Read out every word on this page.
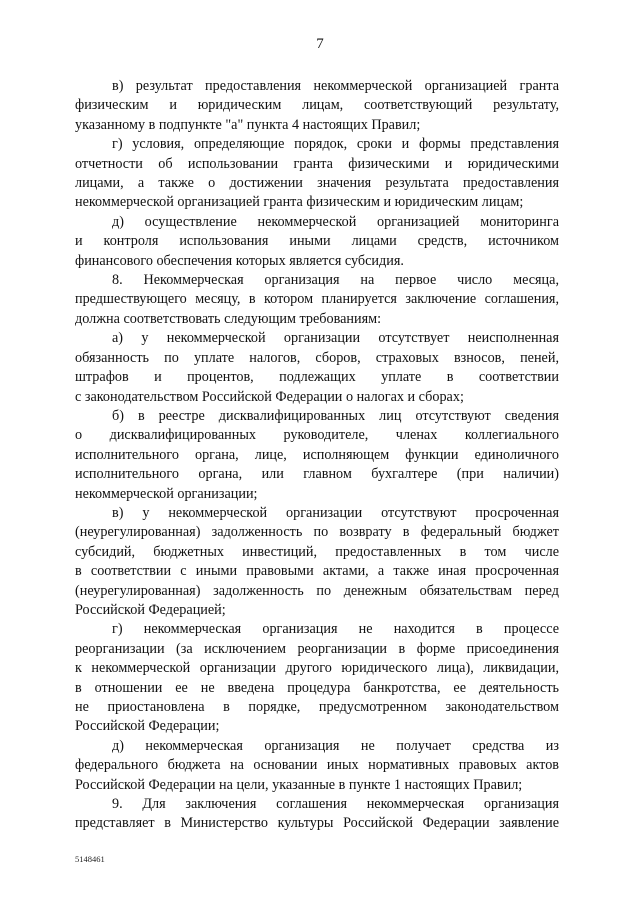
7

в) результат предоставления некоммерческой организацией гранта
физическим и юридическим лицам, соответствующий результату,
указанному в подпункте "а" пункта 4 настоящих Правил;

г) условия, определяющие порядок, сроки и формы представления
отчетности об использовании гранта физическими и юридическими
лицами, а также о достижении значения результата предоставления
некоммерческой организацией гранта физическим и юридическим лицам;

д) осуществление некоммерческой организацией мониторинга
и контроля использования иными лицами средств, источником
финансового обеспечения которых является субсидия.

8. Некоммерческая организация на первое число месяца,
предшествующего месяцу, в котором планируется заключение соглашения,
должна соответствовать следующим требованиям:

а) у некоммерческой организации отсутствует неисполненная
обязанность по уплате налогов, сборов, страховых взносов, пеней,
штрафов и процентов, подлежащих уплате в соответствии
с законодательством Российской Федерации о налогах и сборах;

б) в реестре дисквалифицированных лиц отсутствуют сведения
о дисквалифицированных руководителе, членах коллегиального
исполнительного органа, лице, исполняющем функции единоличного
исполнительного органа, или главном бухгалтере (при наличии)
некоммерческой организации;

в) у некоммерческой организации отсутствуют просроченная
(неурегулированная) задолженность по возврату в федеральный бюджет
субсидий, бюджетных инвестиций, предоставленных в том числе
в соответствии с иными правовыми актами, а также иная просроченная
(неурегулированная) задолженность по денежным обязательствам перед
Российской Федерацией;

г) некоммерческая организация не находится в процессе
реорганизации (за исключением реорганизации в форме присоединения
к некоммерческой организации другого юридического лица), ликвидации,
в отношении ее не введена процедура банкротства, ее деятельность
не приостановлена в порядке, предусмотренном законодательством
Российской Федерации;

д) некоммерческая организация не получает средства из
федерального бюджета на основании иных нормативных правовых актов
Российской Федерации на цели, указанные в пункте 1 настоящих Правил;

9. Для заключения соглашения некоммерческая организация
представляет в Министерство культуры Российской Федерации заявление

5148461
